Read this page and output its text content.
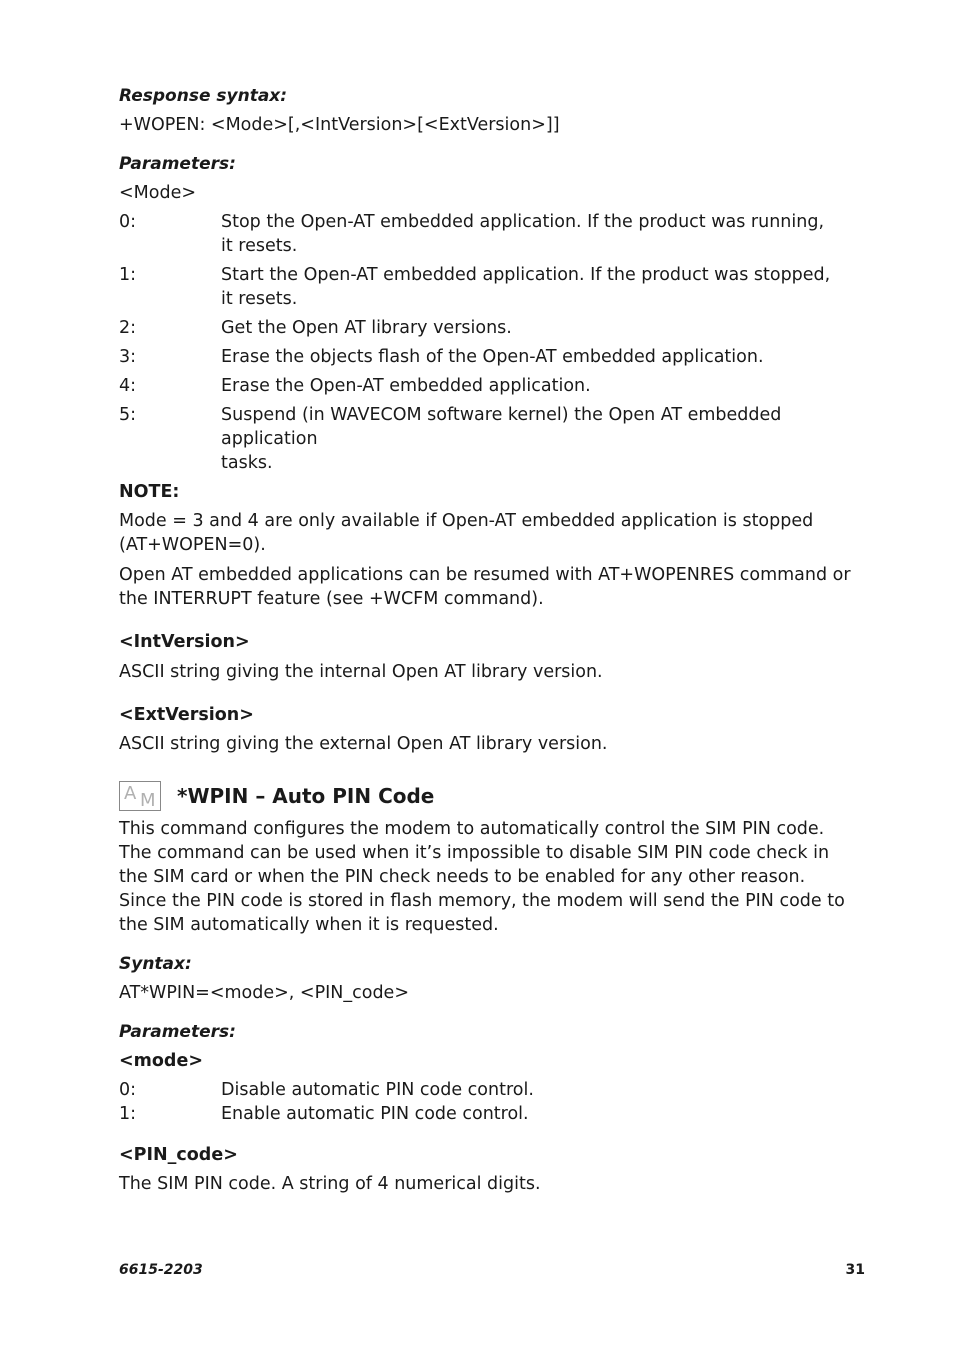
Response syntax:

+WOPEN: <Mode>[,<IntVersion>[<ExtVersion>]]

Parameters:

<Mode>

0:	Stop the Open-AT embedded application. If the product was running,
it resets.
1:	Start the Open-AT embedded application. If the product was stopped,
it resets.
2:	Get the Open AT library versions.
3:	Erase the objects flash of the Open-AT embedded application.
4:	Erase the Open-AT embedded application.
5:	Suspend (in WAVECOM software kernel) the Open AT embedded application
tasks.

NOTE:

Mode = 3 and 4 are only available if Open-AT embedded application is stopped (AT+WOPEN=0).

Open AT embedded applications can be resumed with AT+WOPENRES command or the INTERRUPT feature (see +WCFM command).

<IntVersion>

ASCII string giving the internal Open AT library version.

<ExtVersion>

ASCII string giving the external Open AT library version.

A M *WPIN – Auto PIN Code

This command configures the modem to automatically control the SIM PIN code. The command can be used when it’s impossible to disable SIM PIN code check in the SIM card or when the PIN check needs to be enabled for any other reason. Since the PIN code is stored in flash memory, the modem will send the PIN code to the SIM automatically when it is requested.

Syntax:

AT*WPIN=<mode>, <PIN_code>

Parameters:

<mode>

0:	Disable automatic PIN code control.
1:	Enable automatic PIN code control.

<PIN_code>

The SIM PIN code. A string of 4 numerical digits.

6615-2203	31
